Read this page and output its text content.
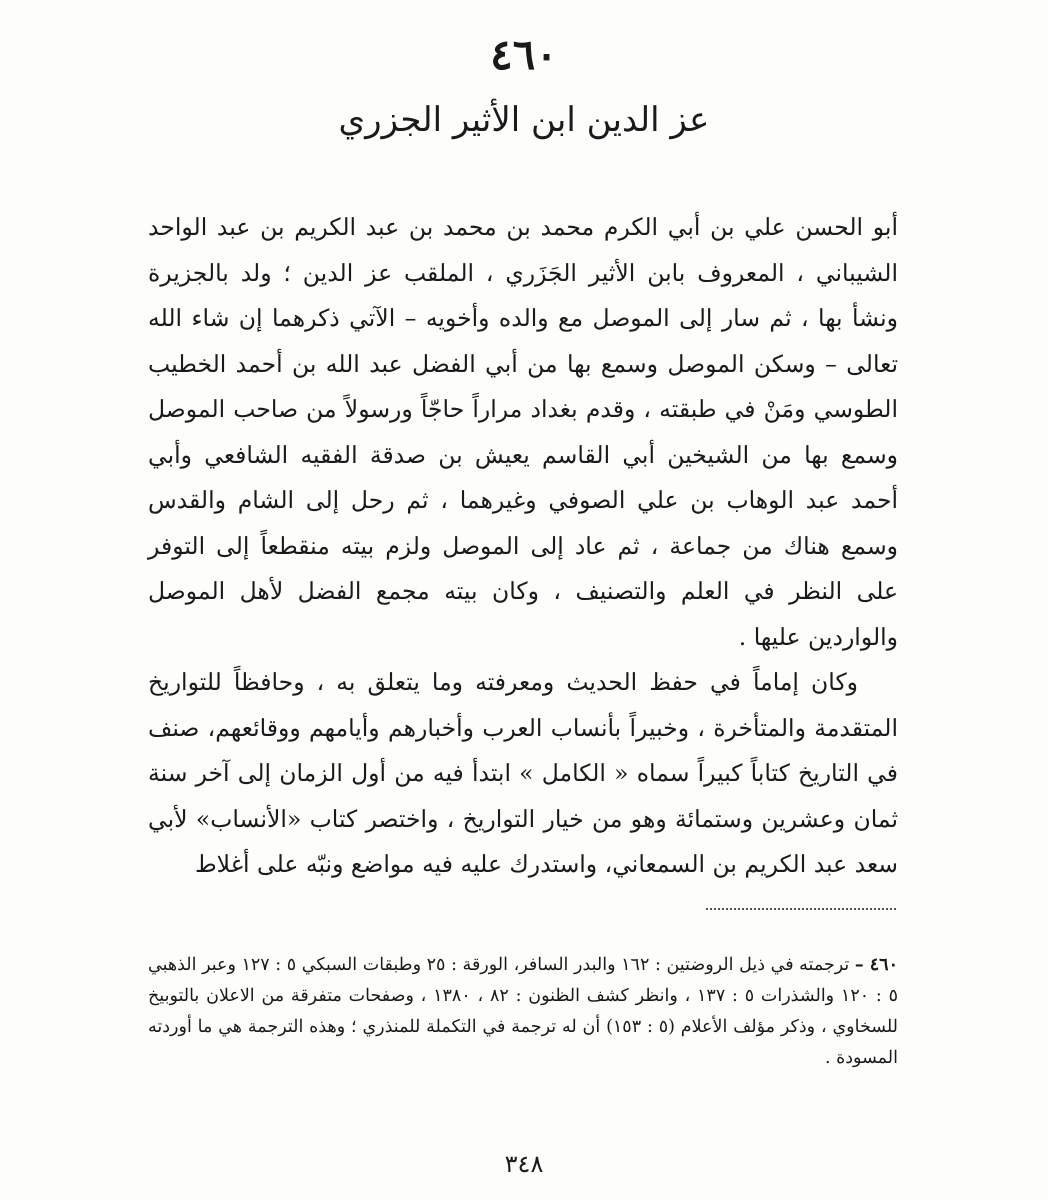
٤٦٠
عز الدين ابن الأثير الجزري

أبو الحسن علي بن أبي الكرم محمد بن محمد بن عبد الكريم بن عبد الواحد الشيباني ، المعروف بابن الأثير الجَزَري ، الملقب عز الدين ؛ ولد بالجزيرة ونشأ بها ، ثم سار إلى الموصل مع والده وأخويه – الآتي ذكرهما إن شاء الله تعالى – وسكن الموصل وسمع بها من أبي الفضل عبد الله بن أحمد الخطيب الطوسي ومَنْ في طبقته ، وقدم بغداد مراراً حاجّاً ورسولاً من صاحب الموصل وسمع بها من الشيخين أبي القاسم يعيش بن صدقة الفقيه الشافعي وأبي أحمد عبد الوهاب بن علي الصوفي وغيرهما ، ثم رحل إلى الشام والقدس وسمع هناك من جماعة ، ثم عاد إلى الموصل ولزم بيته منقطعاً إلى التوفر على النظر في العلم والتصنيف ، وكان بيته مجمع الفضل لأهل الموصل والواردين عليها .

وكان إماماً في حفظ الحديث ومعرفته وما يتعلق به ، وحافظاً للتواريخ المتقدمة والمتأخرة ، وخبيراً بأنساب العرب وأخبارهم وأيامهم ووقائعهم، صنف في التاريخ كتاباً كبيراً سماه « الكامل » ابتدأ فيه من أول الزمان إلى آخر سنة ثمان وعشرين وستمائة وهو من خيار التواريخ ، واختصر كتاب «الأنساب» لأبي سعد عبد الكريم بن السمعاني، واستدرك عليه فيه مواضع ونبّه على أغلاط

٤٦٠ – ترجمته في ذيل الروضتين : ١٦٢ والبدر السافر، الورقة : ٢٥ وطبقات السبكي ٥ : ١٢٧ وعبر الذهبي ٥ : ١٢٠ والشذرات ٥ : ١٣٧ ، وانظر كشف الظنون : ٨٢ ، ١٣٨٠ ، وصفحات متفرقة من الاعلان بالتوبيخ للسخاوي ، وذكر مؤلف الأعلام (٥ : ١٥٣) أن له ترجمة في التكملة للمنذري ؛ وهذه الترجمة هي ما أوردته المسودة .
٣٤٨
